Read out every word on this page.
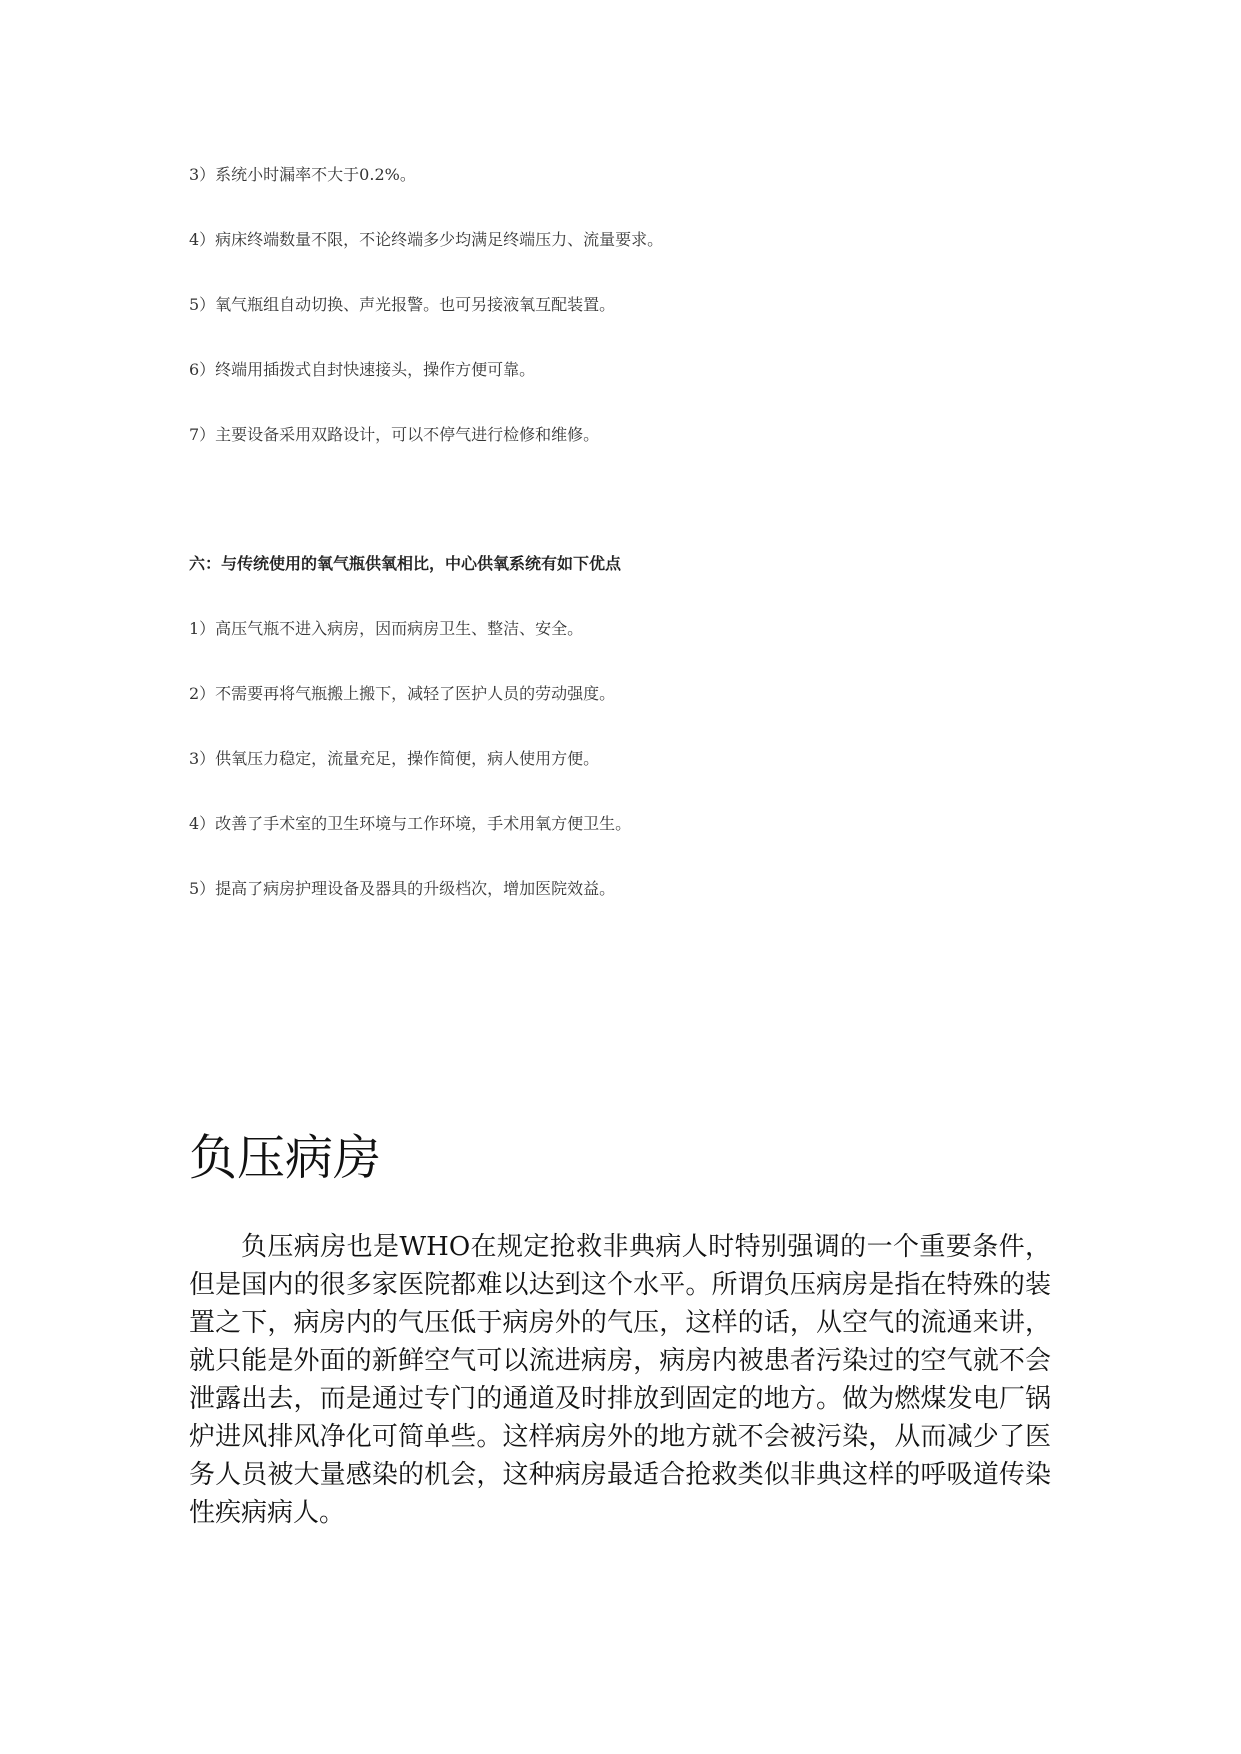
3）系统小时漏率不大于0.2%。
4）病床终端数量不限，不论终端多少均满足终端压力、流量要求。
5）氧气瓶组自动切换、声光报警。也可另接液氧互配装置。
6）终端用插拨式自封快速接头，操作方便可靠。
7）主要设备采用双路设计，可以不停气进行检修和维修。
六：与传统使用的氧气瓶供氧相比，中心供氧系统有如下优点
1）高压气瓶不进入病房，因而病房卫生、整洁、安全。
2）不需要再将气瓶搬上搬下，减轻了医护人员的劳动强度。
3）供氧压力稳定，流量充足，操作简便，病人使用方便。
4）改善了手术室的卫生环境与工作环境，手术用氧方便卫生。
5）提高了病房护理设备及器具的升级档次，增加医院效益。
负压病房

负压病房也是WHO在规定抢救非典病人时特别强调的一个重要条件，但是国内的很多家医院都难以达到这个水平。所谓负压病房是指在特殊的装置之下，病房内的气压低于病房外的气压，这样的话，从空气的流通来讲，就只能是外面的新鲜空气可以流进病房，病房内被患者污染过的空气就不会泄露出去，而是通过专门的通道及时排放到固定的地方。做为燃煤发电厂锅炉进风排风净化可简单些。这样病房外的地方就不会被污染，从而减少了医务人员被大量感染的机会，这种病房最适合抢救类似非典这样的呼吸道传染性疾病病人。
